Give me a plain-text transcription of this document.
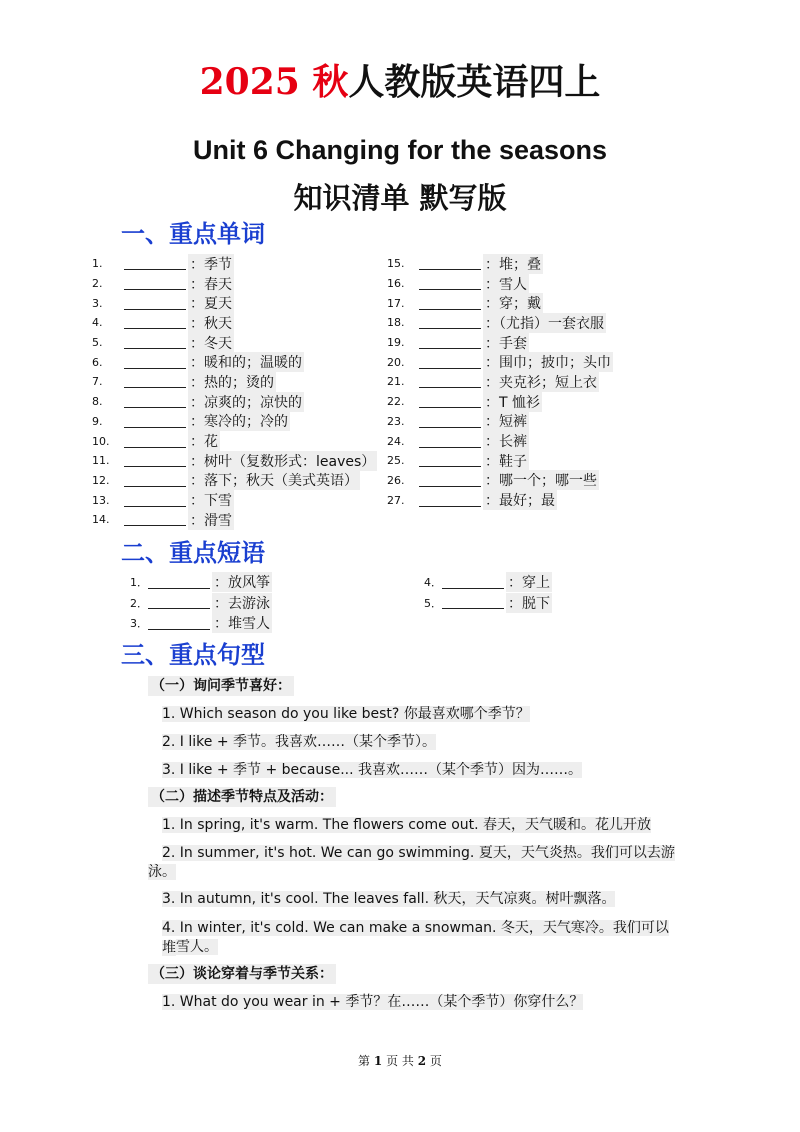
2025 秋人教版英语四上
Unit 6 Changing for the seasons
知识清单 默写版
一、重点单词
1.	：季节
2.	：春天
3.	：夏天
4.	：秋天
5.	：冬天
6.	：暖和的；温暖的
7.	：热的；烫的
8.	：凉爽的；凉快的
9.	：寒冷的；冷的
10.	：花
11.	：树叶（复数形式：leaves）
12.	：落下；秋天（美式英语）
13.	：下雪
14.	：滑雪
15.	：堆；叠
16.	：雪人
17.	：穿；戴
18.	：（尤指）一套衣服
19.	：手套
20.	：围巾；披巾；头巾
21.	：夹克衫；短上衣
22.	：T 恤衫
23.	：短裤
24.	：长裤
25.	：鞋子
26.	：哪一个；哪一些
27.	：最好；最
二、重点短语
1．	：放风筝
2．	：去游泳
3．	：堆雪人
4．	：穿上
5．	：脱下
三、重点句型
（一）询问季节喜好：
1. Which season do you like best? 你最喜欢哪个季节？
2. I like + 季节。我喜欢……（某个季节）。
3. I like + 季节 + because... 我喜欢……（某个季节）因为……。
（二）描述季节特点及活动：
1. In spring, it's warm. The flowers come out. 春天，天气暖和。花儿开放
2. In summer, it's hot. We can go swimming. 夏天，天气炎热。我们可以去游
泳。
3. In autumn, it's cool. The leaves fall. 秋天，天气凉爽。树叶飘落。
4. In winter, it's cold. We can make a snowman. 冬天，天气寒冷。我们可以堆 雪人。
（三）谈论穿着与季节关系：
1. What do you wear in + 季节？在……（某个季节）你穿什么？
第 1 页 共 2 页
